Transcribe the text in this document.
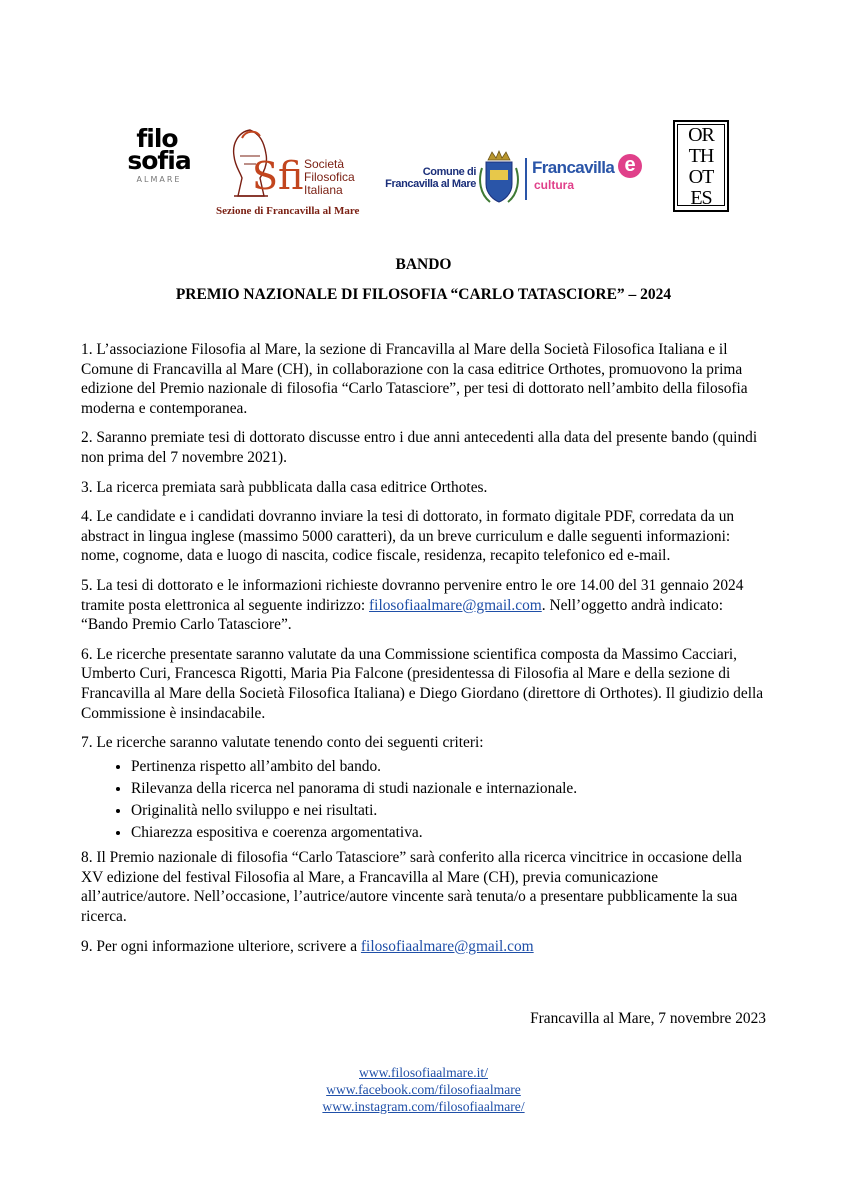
filo
sofia
ALMARE	Sfi Società
Filosofica
Italiana
Sezione di Francavilla al Mare
Comune di
Francavilla al Mare
Francavilla e
cultura
OR
TH
OT
ES
BANDO
PREMIO NAZIONALE DI FILOSOFIA “CARLO TATASCIORE” – 2024

1. L’associazione Filosofia al Mare, la sezione di Francavilla al Mare della Società Filosofica Italiana e il Comune di Francavilla al Mare (CH), in collaborazione con la casa editrice Orthotes, promuovono la prima edizione del Premio nazionale di filosofia “Carlo Tatasciore”, per tesi di dottorato nell’ambito della filosofia moderna e contemporanea.

2. Saranno premiate tesi di dottorato discusse entro i due anni antecedenti alla data del presente bando (quindi non prima del 7 novembre 2021).

3. La ricerca premiata sarà pubblicata dalla casa editrice Orthotes.

4. Le candidate e i candidati dovranno inviare la tesi di dottorato, in formato digitale PDF, corredata da un abstract in lingua inglese (massimo 5000 caratteri), da un breve curriculum e dalle seguenti informazioni: nome, cognome, data e luogo di nascita, codice fiscale, residenza, recapito telefonico ed e-mail.

5. La tesi di dottorato e le informazioni richieste dovranno pervenire entro le ore 14.00 del 31 gennaio 2024 tramite posta elettronica al seguente indirizzo: filosofiaalmare@gmail.com. Nell’oggetto andrà indicato: “Bando Premio Carlo Tatasciore”.

6. Le ricerche presentate saranno valutate da una Commissione scientifica composta da Massimo Cacciari, Umberto Curi, Francesca Rigotti, Maria Pia Falcone (presidentessa di Filosofia al Mare e della sezione di Francavilla al Mare della Società Filosofica Italiana) e Diego Giordano (direttore di Orthotes). Il giudizio della Commissione è insindacabile.

7. Le ricerche saranno valutate tenendo conto dei seguenti criteri:

• Pertinenza rispetto all’ambito del bando.
• Rilevanza della ricerca nel panorama di studi nazionale e internazionale.
• Originalità nello sviluppo e nei risultati.
• Chiarezza espositiva e coerenza argomentativa.

8. Il Premio nazionale di filosofia “Carlo Tatasciore” sarà conferito alla ricerca vincitrice in occasione della XV edizione del festival Filosofia al Mare, a Francavilla al Mare (CH), previa comunicazione all’autrice/autore. Nell’occasione, l’autrice/autore vincente sarà tenuta/o a presentare pubblicamente la sua ricerca.

9. Per ogni informazione ulteriore, scrivere a filosofiaalmare@gmail.com

Francavilla al Mare, 7 novembre 2023
www.filosofiaalmare.it/
www.facebook.com/filosofiaalmare
www.instagram.com/filosofiaalmare/
